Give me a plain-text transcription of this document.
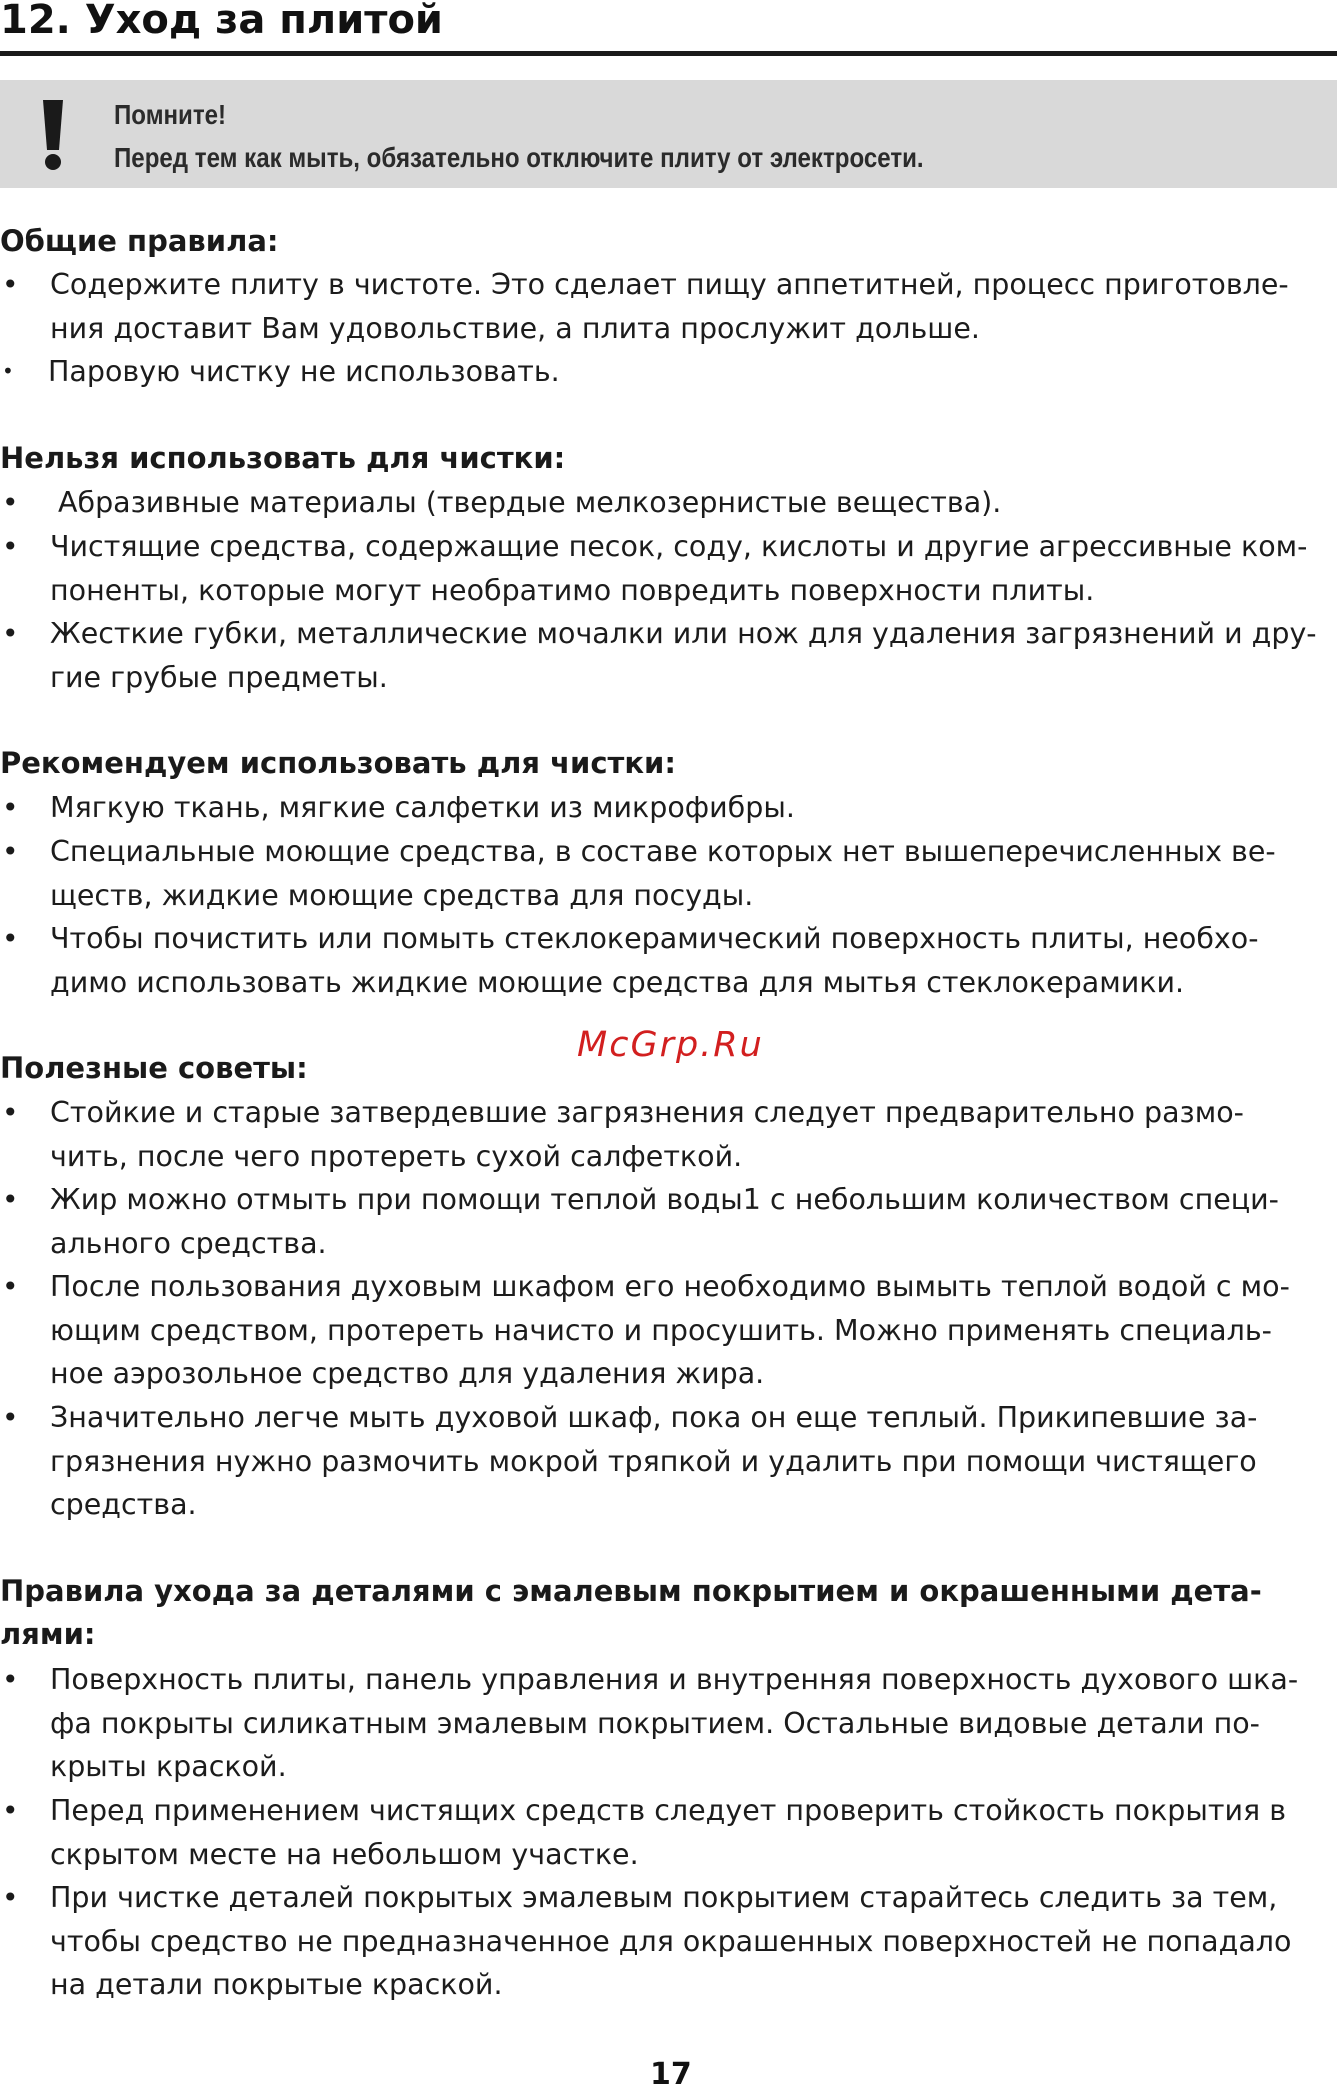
12. Уход за плитой
Помните!
Перед тем как мыть, обязательно отключите плиту от электросети.
Общие правила:
• Содержите плиту в чистоте. Это сделает пищу аппетитней, процесс приготовле-
ния доставит Вам удовольствие, а плита прослужит дольше.
• Паровую чистку не использовать.
Нельзя использовать для чистки:
• Абразивные материалы (твердые мелкозернистые вещества).
• Чистящие средства, содержащие песок, соду, кислоты и другие агрессивные ком-
поненты, которые могут необратимо повредить поверхности плиты.
• Жесткие губки, металлические мочалки или нож для удаления загрязнений и дру-
гие грубые предметы.
Рекомендуем использовать для чистки:
• Мягкую ткань, мягкие салфетки из микрофибры.
• Специальные моющие средства, в составе которых нет вышеперечисленных ве-
ществ, жидкие моющие средства для посуды.
• Чтобы почистить или помыть стеклокерамический поверхность плиты, необхо-
димо использовать жидкие моющие средства для мытья стеклокерамики.
McGrp.Ru
Полезные советы:
• Стойкие и старые затвердевшие загрязнения следует предварительно размо-
чить, после чего протереть сухой салфеткой.
• Жир можно отмыть при помощи теплой воды1 с небольшим количеством специ-
ального средства.
• После пользования духовым шкафом его необходимо вымыть теплой водой с мо-
ющим средством, протереть начисто и просушить. Можно применять специаль-
ное аэрозольное средство для удаления жира.
• Значительно легче мыть духовой шкаф, пока он еще теплый. Прикипевшие за-
грязнения нужно размочить мокрой тряпкой и удалить при помощи чистящего
средства.
Правила ухода за деталями с эмалевым покрытием и окрашенными дета-
лями:
• Поверхность плиты, панель управления и внутренняя поверхность духового шка-
фа покрыты силикатным эмалевым покрытием. Остальные видовые детали по-
крыты краской.
• Перед применением чистящих средств следует проверить стойкость покрытия в
скрытом месте на небольшом участке.
• При чистке деталей покрытых эмалевым покрытием старайтесь следить за тем,
чтобы средство не предназначенное для окрашенных поверхностей не попадало
на детали покрытые краской.
17
